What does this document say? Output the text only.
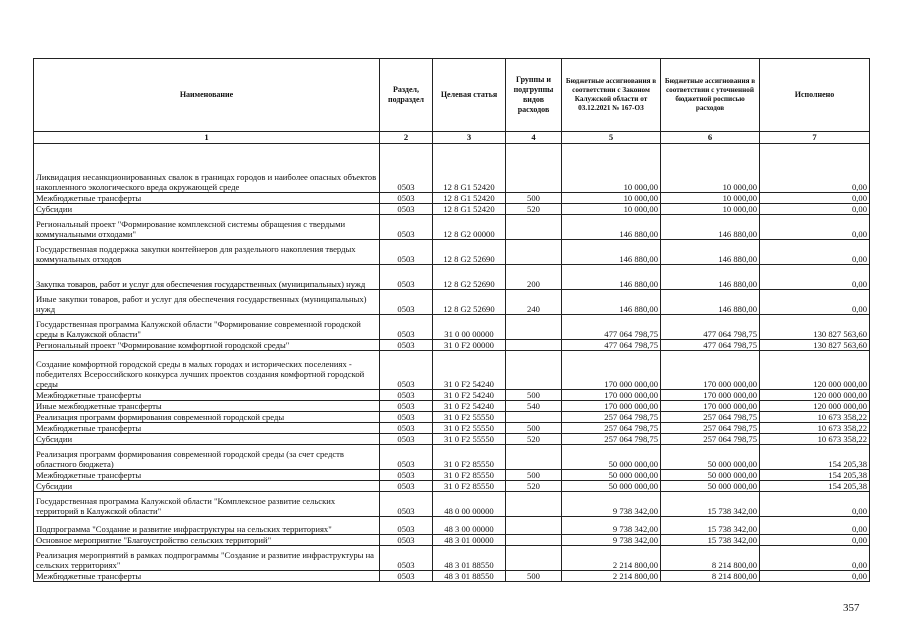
Наименование	Раздел, подраздел	Целевая статья	Группы и подгруппы видов расходов	Бюджетные ассигнования в соответствии с Законом Калужской области от 03.12.2021 № 167-ОЗ	Бюджетные ассигнования в соответствии с уточненной бюджетной росписью расходов	Исполнено
1	2	3	4	5	6	7
Ликвидация несанкционированных свалок в границах городов и наиболее опасных объектов накопленного экологического вреда окружающей среде	0503	12 8 G1 52420		10 000,00	10 000,00	0,00
Межбюджетные трансферты	0503	12 8 G1 52420	500	10 000,00	10 000,00	0,00
Субсидии	0503	12 8 G1 52420	520	10 000,00	10 000,00	0,00
Региональный проект "Формирование комплексной системы обращения с твердыми коммунальными отходами"	0503	12 8 G2 00000		146 880,00	146 880,00	0,00
Государственная поддержка закупки контейнеров для раздельного накопления твердых коммунальных отходов	0503	12 8 G2 52690		146 880,00	146 880,00	0,00
Закупка товаров, работ и услуг для обеспечения государственных (муниципальных) нужд	0503	12 8 G2 52690	200	146 880,00	146 880,00	0,00
Иные закупки товаров, работ и услуг для обеспечения государственных (муниципальных) нужд	0503	12 8 G2 52690	240	146 880,00	146 880,00	0,00
Государственная программа Калужской области "Формирование современной городской среды в Калужской области"	0503	31 0 00 00000		477 064 798,75	477 064 798,75	130 827 563,60
Региональный проект "Формирование комфортной городской среды"	0503	31 0 F2 00000		477 064 798,75	477 064 798,75	130 827 563,60
Создание комфортной городской среды в малых городах и исторических поселениях - победителях Всероссийского конкурса лучших проектов создания комфортной городской среды	0503	31 0 F2 54240		170 000 000,00	170 000 000,00	120 000 000,00
Межбюджетные трансферты	0503	31 0 F2 54240	500	170 000 000,00	170 000 000,00	120 000 000,00
Иные межбюджетные трансферты	0503	31 0 F2 54240	540	170 000 000,00	170 000 000,00	120 000 000,00
Реализация программ формирования современной городской среды	0503	31 0 F2 55550		257 064 798,75	257 064 798,75	10 673 358,22
Межбюджетные трансферты	0503	31 0 F2 55550	500	257 064 798,75	257 064 798,75	10 673 358,22
Субсидии	0503	31 0 F2 55550	520	257 064 798,75	257 064 798,75	10 673 358,22
Реализация программ формирования современной городской среды (за счет средств областного бюджета)	0503	31 0 F2 85550		50 000 000,00	50 000 000,00	154 205,38
Межбюджетные трансферты	0503	31 0 F2 85550	500	50 000 000,00	50 000 000,00	154 205,38
Субсидии	0503	31 0 F2 85550	520	50 000 000,00	50 000 000,00	154 205,38
Государственная программа Калужской области "Комплексное развитие сельских территорий в Калужской области"	0503	48 0 00 00000		9 738 342,00	15 738 342,00	0,00
Подпрограмма "Создание и развитие инфраструктуры на сельских территориях"	0503	48 3 00 00000		9 738 342,00	15 738 342,00	0,00
Основное мероприятие "Благоустройство сельских территорий"	0503	48 3 01 00000		9 738 342,00	15 738 342,00	0,00
Реализация мероприятий в рамках подпрограммы "Создание и развитие инфраструктуры на сельских территориях"	0503	48 3 01 88550		2 214 800,00	8 214 800,00	0,00
Межбюджетные трансферты	0503	48 3 01 88550	500	2 214 800,00	8 214 800,00	0,00
357
